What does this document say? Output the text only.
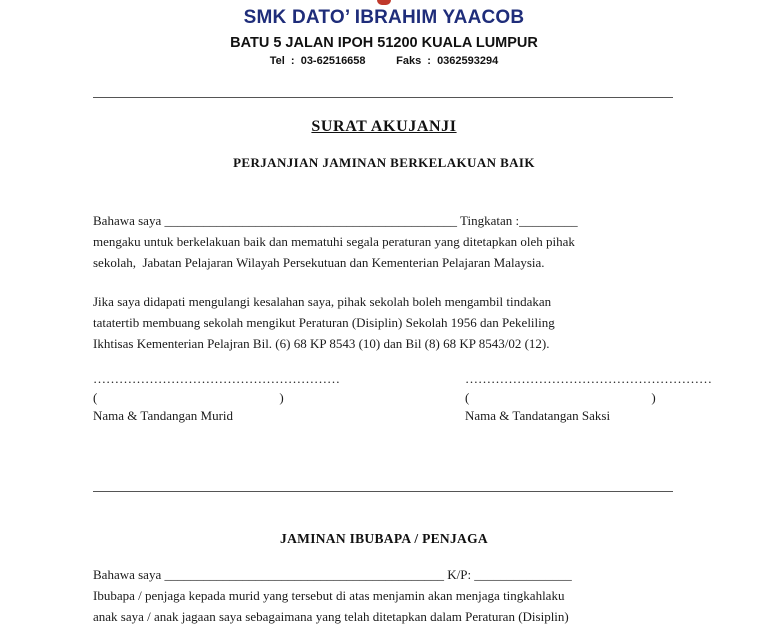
SMK DATO’ IBRAHIM YAACOB
BATU 5 JALAN IPOH 51200 KUALA LUMPUR
Tel  :  03-62516658	Faks  :  0362593294
SURAT AKUJANJI
PERJANJIAN JAMINAN BERKELAKUAN BAIK
Bahawa saya _____________________________________________ Tingkatan :_________
mengaku untuk berkelakuan baik dan mematuhi segala peraturan yang ditetapkan oleh pihak
sekolah,  Jabatan Pelajaran Wilayah Persekutuan dan Kementerian Pelajaran Malaysia.
Jika saya didapati mengulangi kesalahan saya, pihak sekolah boleh mengambil tindakan
tatatertib membuang sekolah mengikut Peraturan (Disiplin) Sekolah 1956 dan Pekeliling
Ikhtisas Kementerian Pelajran Bil. (6) 68 KP 8543 (10) dan Bil (8) 68 KP 8543/02 (12).
…………………………………………………
(                                                        )
Nama & Tandangan Murid
…………………………………………………
(                                                        )
Nama & Tandatangan Saksi
JAMINAN IBUBAPA / PENJAGA
Bahawa saya ___________________________________________ K/P: _______________
Ibubapa / penjaga kepada murid yang tersebut di atas menjamin akan menjaga tingkahlaku
anak saya / anak jagaan saya sebagaimana yang telah ditetapkan dalam Peraturan (Disiplin)
